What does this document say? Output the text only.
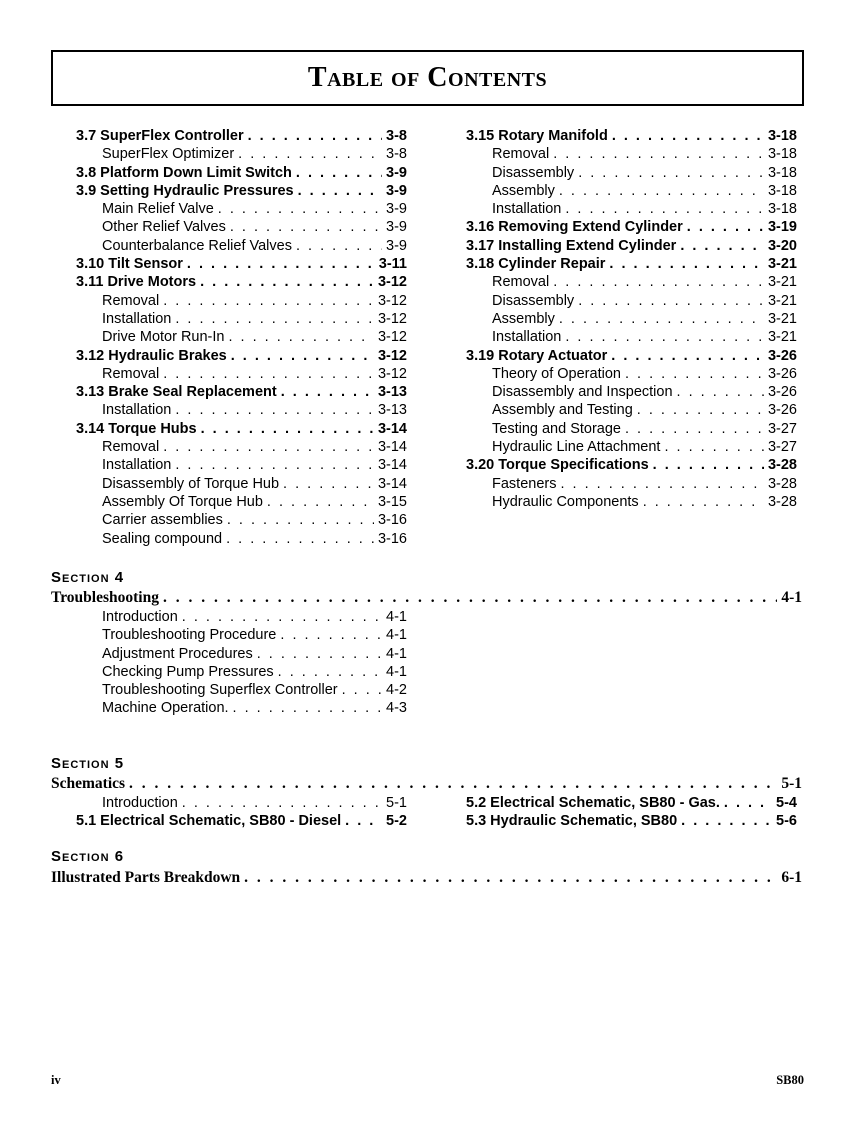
Table of Contents
3.7 SuperFlex Controller . . .	3-8
SuperFlex Optimizer . . .	3-8
3.8 Platform Down Limit Switch . . .	3-9
3.9 Setting Hydraulic Pressures . . .	3-9
Main Relief Valve . . .	3-9
Other Relief Valves . . .	3-9
Counterbalance Relief Valves . . .	3-9
3.10 Tilt Sensor . . .	3-11
3.11 Drive Motors . . .	3-12
Removal . . .	3-12
Installation . . .	3-12
Drive Motor Run-In . . .	3-12
3.12 Hydraulic Brakes . . .	3-12
Removal . . .	3-12
3.13 Brake Seal Replacement . . .	3-13
Installation . . .	3-13
3.14 Torque Hubs . . .	3-14
Removal . . .	3-14
Installation . . .	3-14
Disassembly of Torque Hub . . .	3-14
Assembly Of Torque Hub . . .	3-15
Carrier assemblies . . .	3-16
Sealing compound . . .	3-16
3.15 Rotary Manifold . . .	3-18
Removal . . .	3-18
Disassembly . . .	3-18
Assembly . . .	3-18
Installation . . .	3-18
3.16 Removing Extend Cylinder . . .	3-19
3.17 Installing Extend Cylinder . . .	3-20
3.18 Cylinder Repair . . .	3-21
Removal . . .	3-21
Disassembly . . .	3-21
Assembly . . .	3-21
Installation . . .	3-21
3.19 Rotary Actuator . . .	3-26
Theory of Operation . . .	3-26
Disassembly and Inspection . . .	3-26
Assembly and Testing . . .	3-26
Testing and Storage . . .	3-27
Hydraulic Line Attachment . . .	3-27
3.20 Torque Specifications . . .	3-28
Fasteners . . .	3-28
Hydraulic Components . . .	3-28
Section 4
Troubleshooting . . .	4-1
Introduction . . .	4-1
Troubleshooting Procedure . . .	4-1
Adjustment Procedures . . .	4-1
Checking Pump Pressures . . .	4-1
Troubleshooting Superflex Controller . . .	4-2
Machine Operation. . . .	4-3
Section 5
Schematics . . .	5-1
Introduction . . .	5-1
5.1 Electrical Schematic, SB80 - Diesel . . .	5-2
5.2 Electrical Schematic, SB80 - Gas. . . .	5-4
5.3 Hydraulic Schematic, SB80 . . .	5-6
Section 6
Illustrated Parts Breakdown . . .	6-1
iv	SB80
